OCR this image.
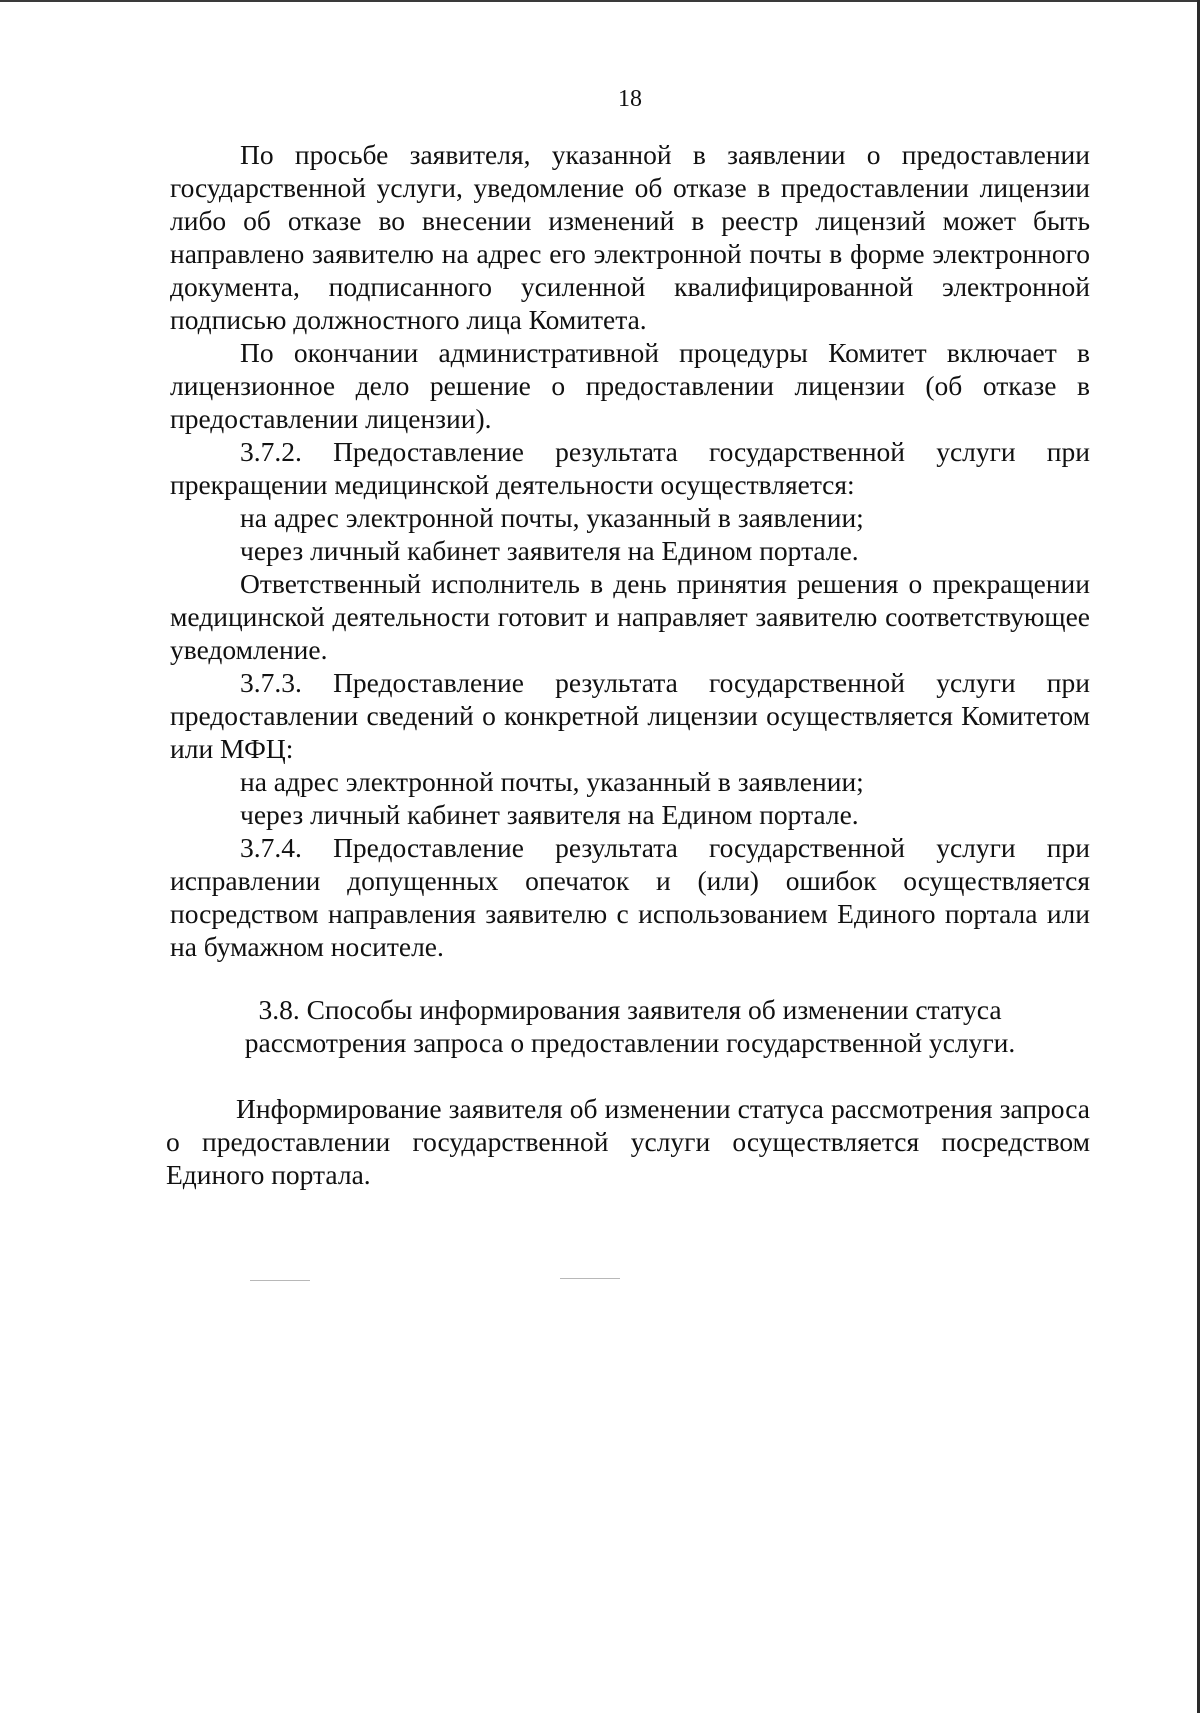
18

По просьбе заявителя, указанной в заявлении о предоставлении государственной услуги, уведомление об отказе в предоставлении лицензии либо об отказе во внесении изменений в реестр лицензий может быть направлено заявителю на адрес его электронной почты в форме электронного документа, подписанного усиленной квалифицированной электронной подписью должностного лица Комитета.

По окончании административной процедуры Комитет включает в лицензионное дело решение о предоставлении лицензии (об отказе в предоставлении лицензии).

3.7.2. Предоставление результата государственной услуги при прекращении медицинской деятельности осуществляется:

на адрес электронной почты, указанный в заявлении;

через личный кабинет заявителя на Едином портале.

Ответственный исполнитель в день принятия решения о прекращении медицинской деятельности готовит и направляет заявителю соответствующее уведомление.

3.7.3. Предоставление результата государственной услуги при предоставлении сведений о конкретной лицензии осуществляется Комитетом или МФЦ:

на адрес электронной почты, указанный в заявлении;

через личный кабинет заявителя на Едином портале.

3.7.4. Предоставление результата государственной услуги при исправлении допущенных опечаток и (или) ошибок осуществляется посредством направления заявителю с использованием Единого портала или на бумажном носителе.

3.8. Способы информирования заявителя об изменении статуса
рассмотрения запроса о предоставлении государственной услуги.

Информирование заявителя об изменении статуса рассмотрения запроса о предоставлении государственной услуги осуществляется посредством Единого портала.
